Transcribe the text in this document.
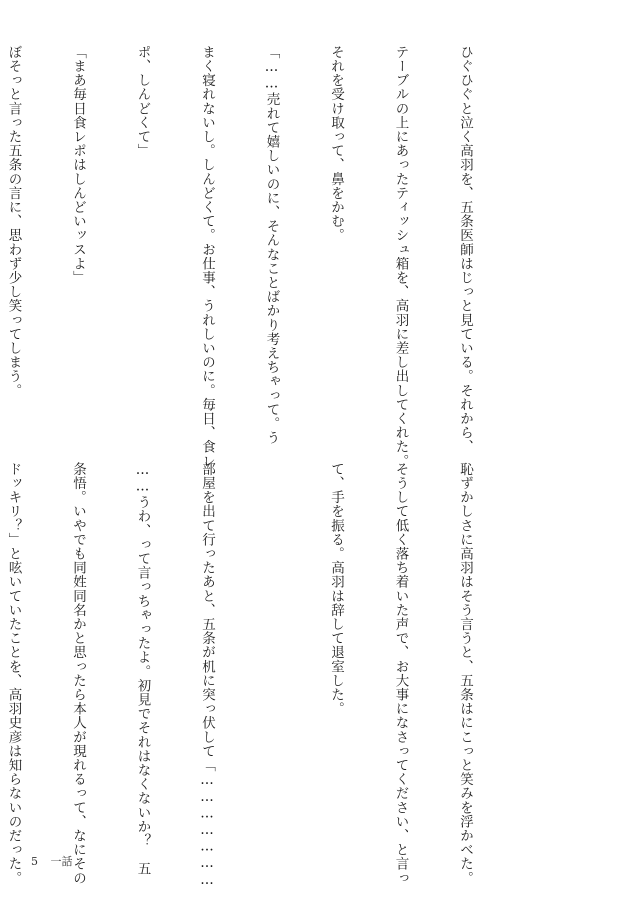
ひぐひぐと泣く高羽を、五条医師はじっと見ている。それから、

テーブルの上にあったティッシュ箱を、高羽に差し出してくれた。

それを受け取って、鼻をかむ。

「……売れて嬉しいのに、そんなことばかり考えちゃって。う

まく寝れないし。しんどくて。お仕事、うれしいのに。毎日、食レ

ポ、しんどくて」

「まあ毎日食レポはしんどいッスよ」

ぼそっと言った五条の言に、思わず少し笑ってしまう。

恥ずかしさに高羽はそう言うと、五条はにこっと笑みを浮かべた。

そうして低く落ち着いた声で、お大事になさってください、と言っ

て、手を振る。高羽は辞して退室した。

部屋を出て行ったあと、五条が机に突っ伏して「…………………

……うわ、って言っちゃったよ。初見でそれはなくないか？　五

条悟。いやでも同姓同名かと思ったら本人が現れるって、なにその

ドッキリ？」と呟いていたことを、高羽史彦は知らないのだった。

5 一話
